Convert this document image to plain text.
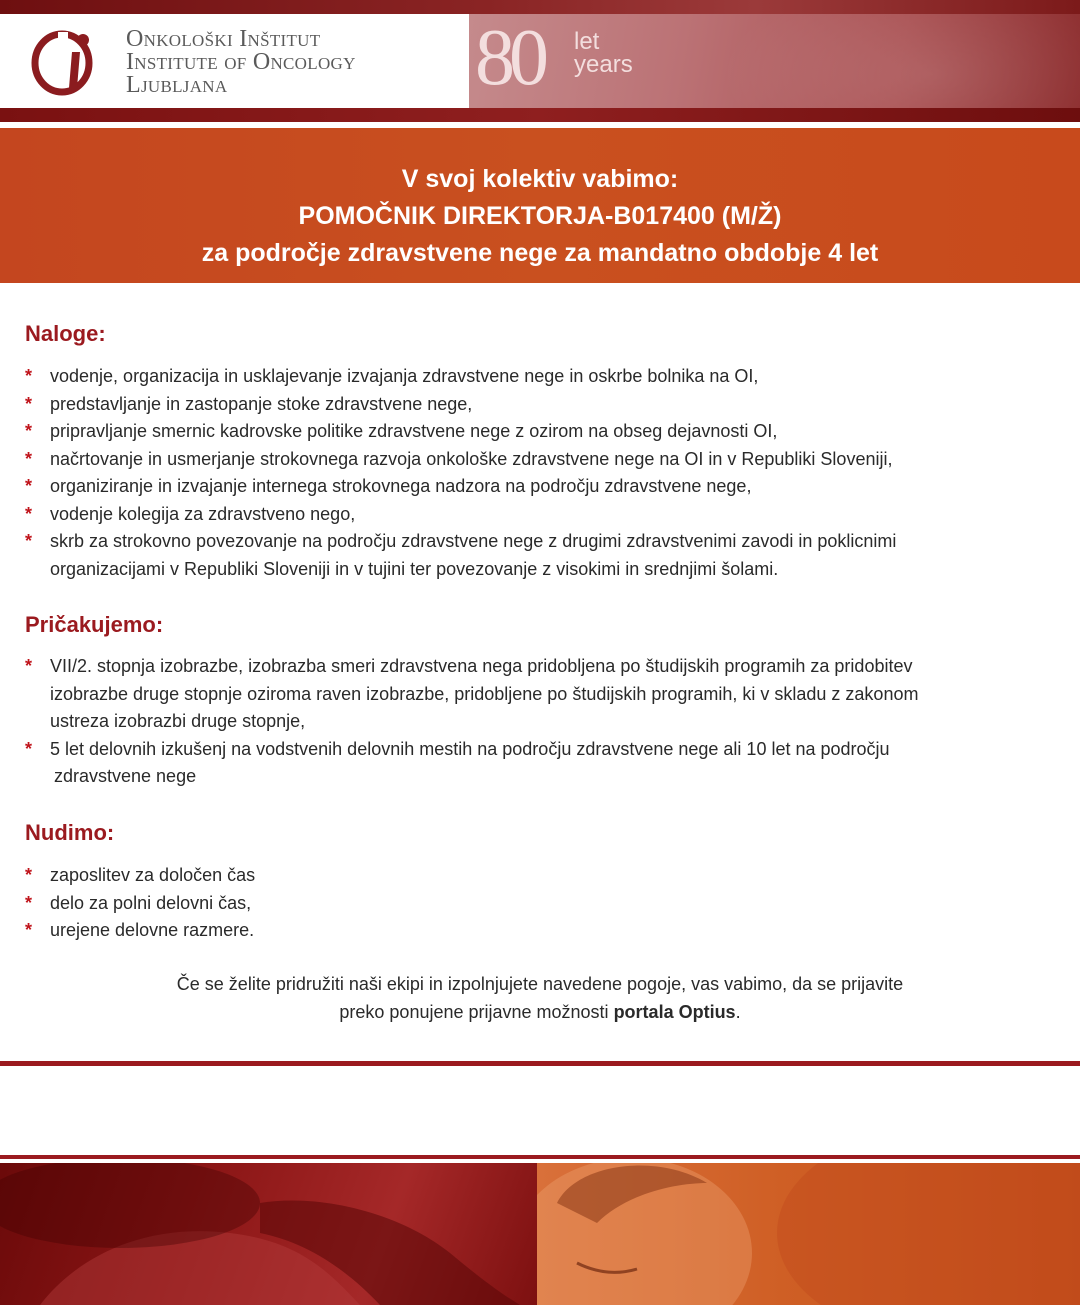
Onkološki Inštitut
Institute of Oncology
Ljubljana	80 let
years
V svoj kolektiv vabimo:
POMOČNIK DIREKTORJA-B017400 (M/Ž)
za področje zdravstvene nege za mandatno obdobje 4 let
Naloge:
* vodenje, organizacija in usklajevanje izvajanja zdravstvene nege in oskrbe bolnika na OI,
* predstavljanje in zastopanje stoke zdravstvene nege,
* pripravljanje smernic kadrovske politike zdravstvene nege z ozirom na obseg dejavnosti OI,
* načrtovanje in usmerjanje strokovnega razvoja onkološke zdravstvene nege na OI in v Republiki Sloveniji,
* organiziranje in izvajanje internega strokovnega nadzora na področju zdravstvene nege,
* vodenje kolegija za zdravstveno nego,
* skrb za strokovno povezovanje na področju zdravstvene nege z drugimi zdravstvenimi zavodi in poklicnimi
organizacijami v Republiki Sloveniji in v tujini ter povezovanje z visokimi in srednjimi šolami.
Pričakujemo:
* VII/2. stopnja izobrazbe, izobrazba smeri zdravstvena nega pridobljena po študijskih programih za pridobitev
izobrazbe druge stopnje oziroma raven izobrazbe, pridobljene po študijskih programih, ki v skladu z zakonom
ustreza izobrazbi druge stopnje,
* 5 let delovnih izkušenj na vodstvenih delovnih mestih na področju zdravstvene nege ali 10 let na področju
zdravstvene nege
Nudimo:
* zaposlitev za določen čas
* delo za polni delovni čas,
* urejene delovne razmere.
Če se želite pridružiti naši ekipi in izpolnjujete navedene pogoje, vas vabimo, da se prijavite
preko ponujene prijavne možnosti portala Optius.
